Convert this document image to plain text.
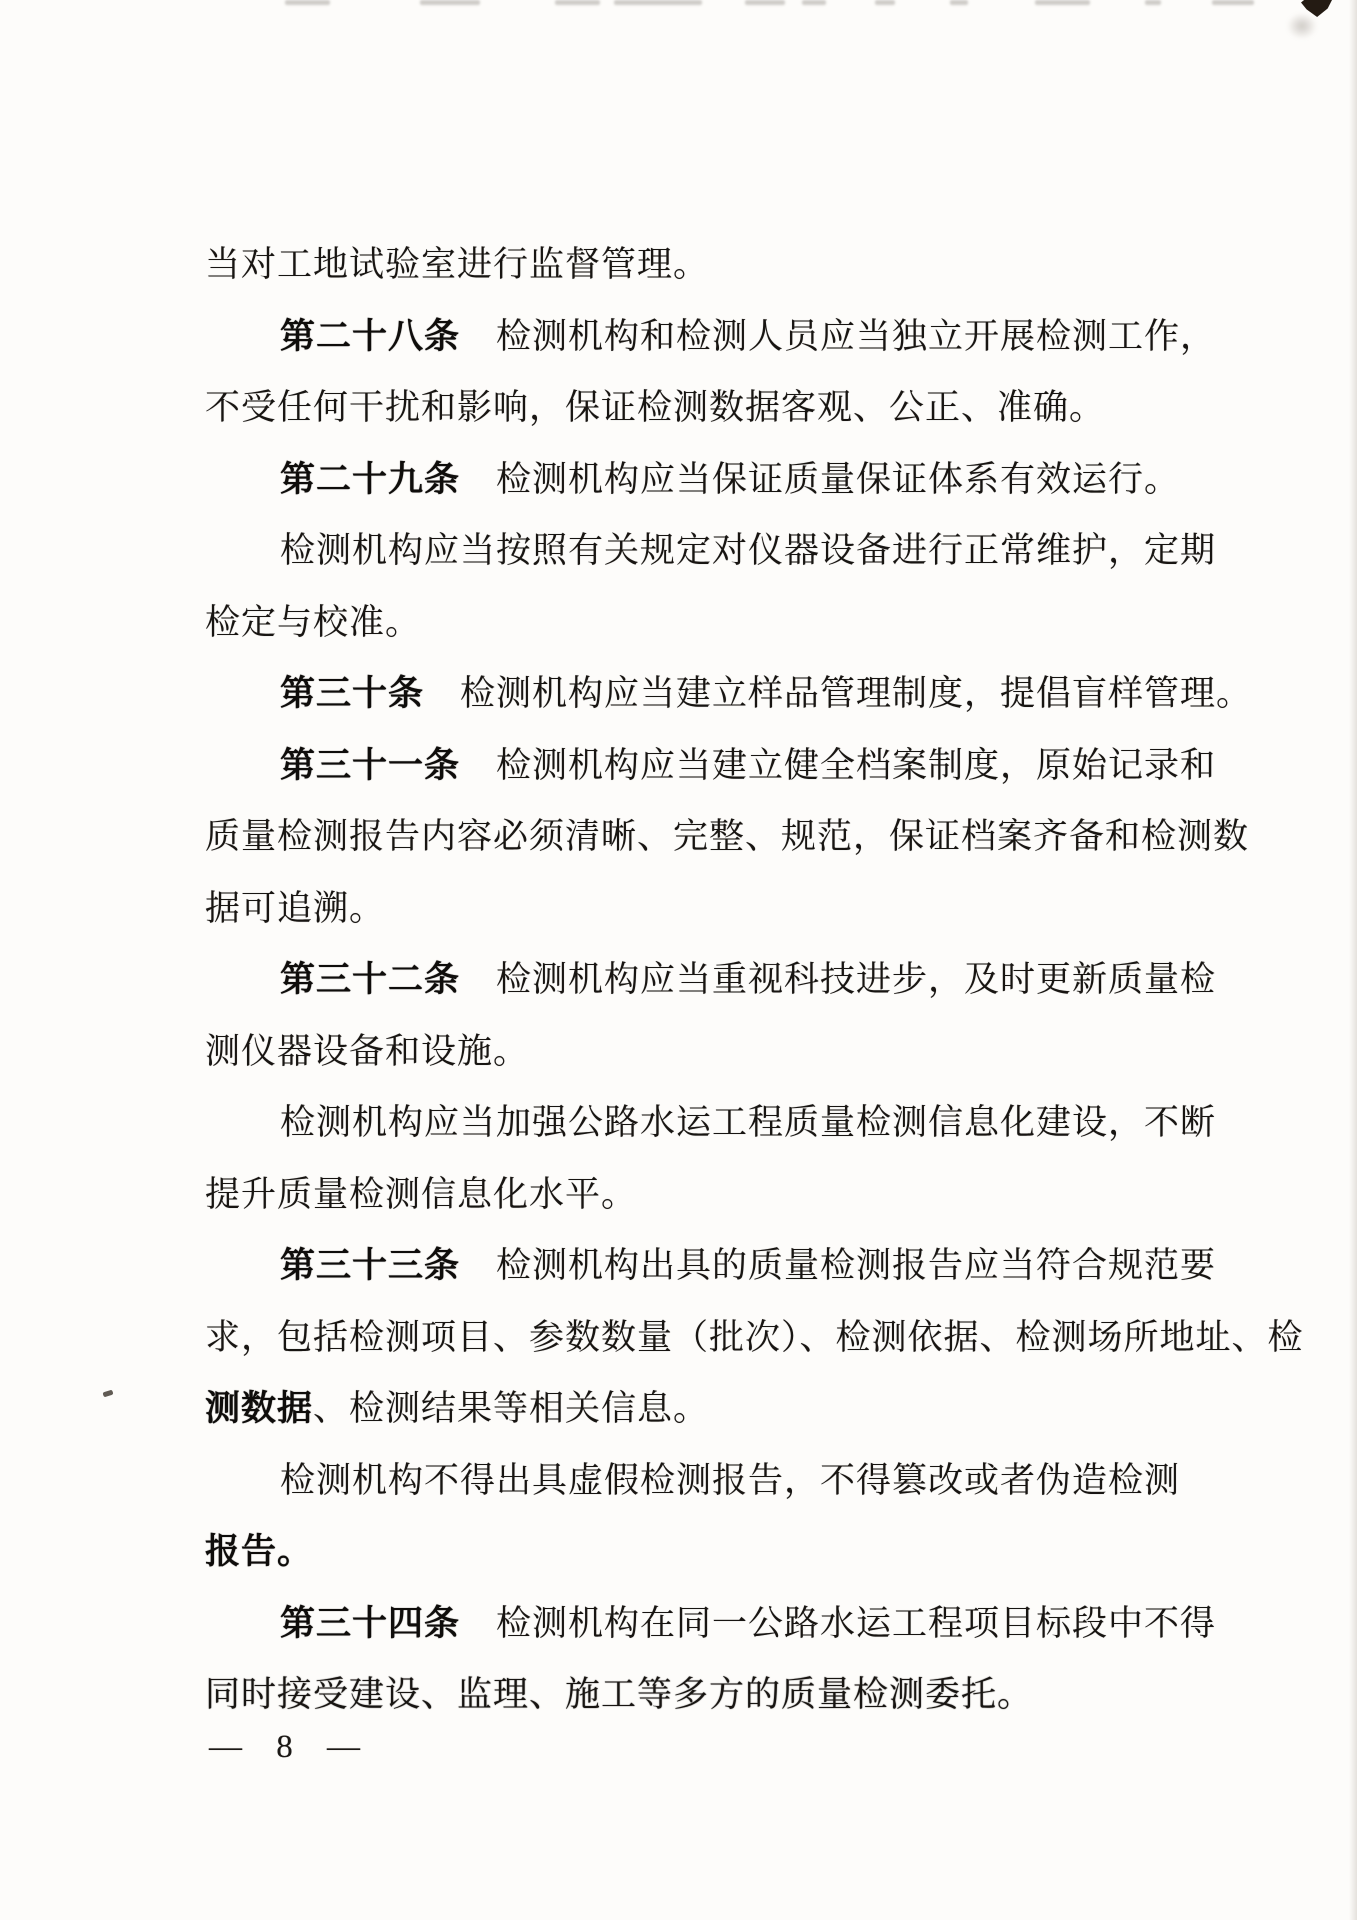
当对工地试验室进行监督管理。
第二十八条　检测机构和检测人员应当独立开展检测工作，
不受任何干扰和影响，保证检测数据客观、公正、准确。
第二十九条　检测机构应当保证质量保证体系有效运行。
检测机构应当按照有关规定对仪器设备进行正常维护，定期
检定与校准。
第三十条　检测机构应当建立样品管理制度，提倡盲样管理。
第三十一条　检测机构应当建立健全档案制度，原始记录和
质量检测报告内容必须清晰、完整、规范，保证档案齐备和检测数
据可追溯。
第三十二条　检测机构应当重视科技进步，及时更新质量检
测仪器设备和设施。
检测机构应当加强公路水运工程质量检测信息化建设，不断
提升质量检测信息化水平。
第三十三条　检测机构出具的质量检测报告应当符合规范要
求，包括检测项目、参数数量（批次）、检测依据、检测场所地址、检
测数据、检测结果等相关信息。
检测机构不得出具虚假检测报告，不得篡改或者伪造检测
报告。
第三十四条　检测机构在同一公路水运工程项目标段中不得
同时接受建设、监理、施工等多方的质量检测委托。
— 8 —
